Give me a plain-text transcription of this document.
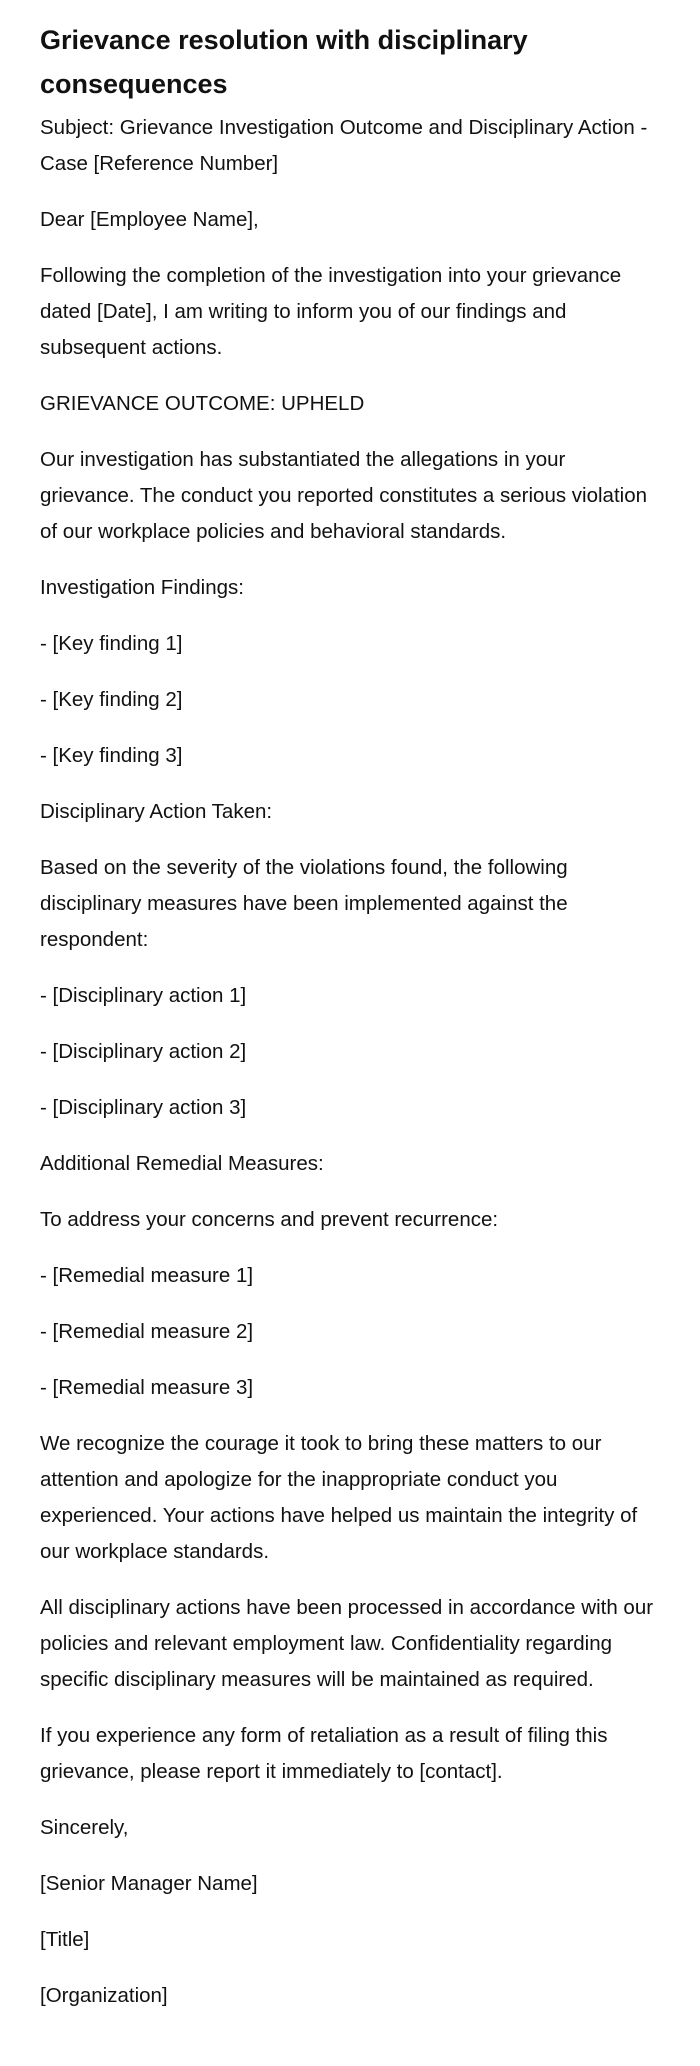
Grievance resolution with disciplinary consequences

Subject: Grievance Investigation Outcome and Disciplinary Action - Case [Reference Number]

Dear [Employee Name],

Following the completion of the investigation into your grievance dated [Date], I am writing to inform you of our findings and subsequent actions.

GRIEVANCE OUTCOME: UPHELD

Our investigation has substantiated the allegations in your grievance. The conduct you reported constitutes a serious violation of our workplace policies and behavioral standards.

Investigation Findings:

- [Key finding 1]

- [Key finding 2]

- [Key finding 3]

Disciplinary Action Taken:

Based on the severity of the violations found, the following disciplinary measures have been implemented against the respondent:

- [Disciplinary action 1]

- [Disciplinary action 2]

- [Disciplinary action 3]

Additional Remedial Measures:

To address your concerns and prevent recurrence:

- [Remedial measure 1]

- [Remedial measure 2]

- [Remedial measure 3]

We recognize the courage it took to bring these matters to our attention and apologize for the inappropriate conduct you experienced. Your actions have helped us maintain the integrity of our workplace standards.

All disciplinary actions have been processed in accordance with our policies and relevant employment law. Confidentiality regarding specific disciplinary measures will be maintained as required.

If you experience any form of retaliation as a result of filing this grievance, please report it immediately to [contact].

Sincerely,

[Senior Manager Name]

[Title]

[Organization]
